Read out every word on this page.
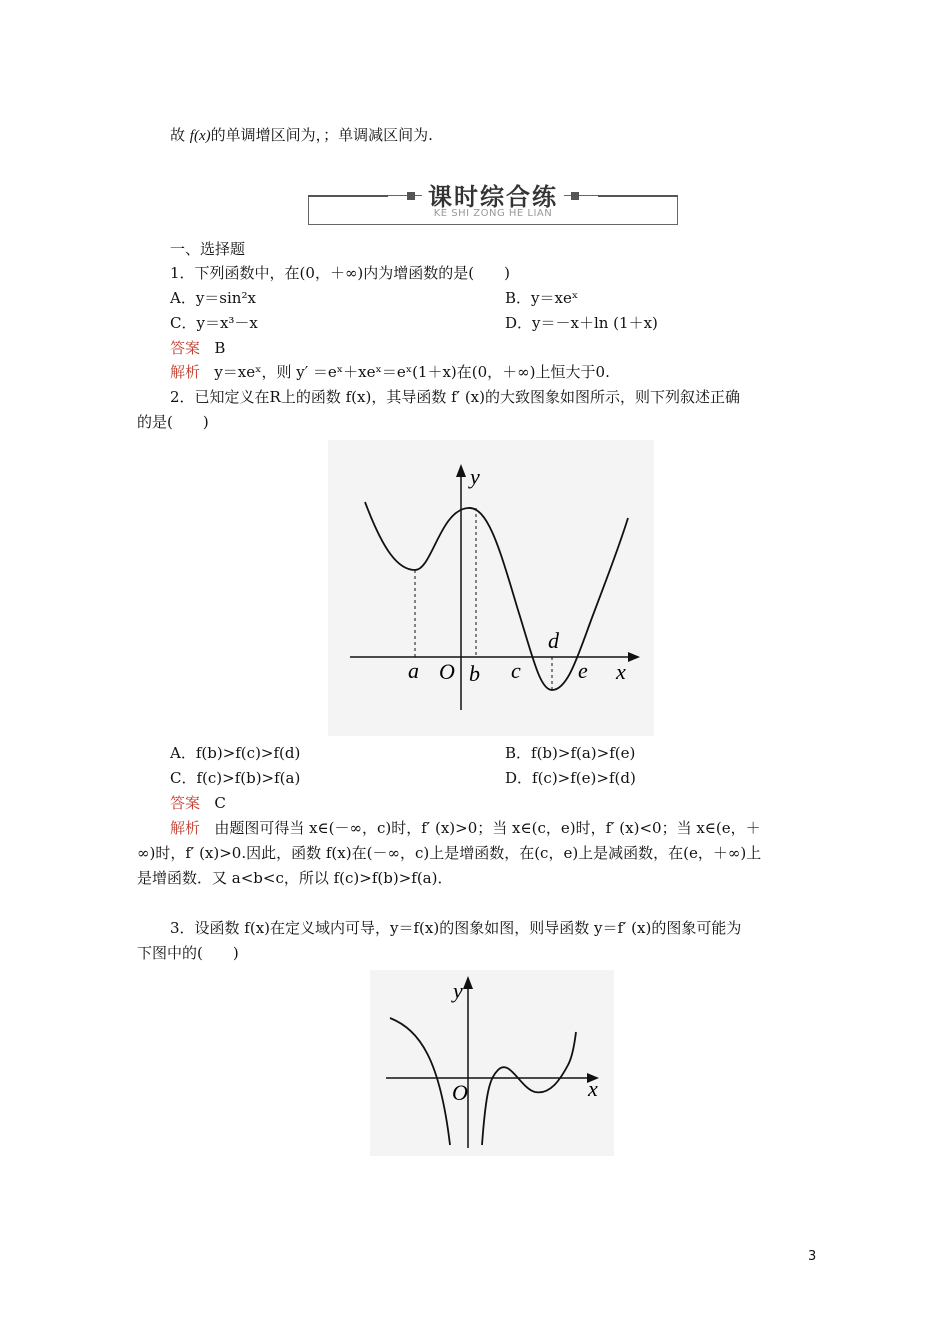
故 f(x)的单调增区间为，；单调减区间为.
课时综合练
KE SHI ZONG HE LIAN
一、选择题
1．下列函数中，在(0，＋∞)内为增函数的是(　　)
A．y＝sin²x	B．y＝xeˣ
C．y＝x³－x	D．y＝－x＋ln (1＋x)
答案 B
解析 y＝xeˣ，则 y′ ＝eˣ＋xeˣ＝eˣ(1＋x)在(0，＋∞)上恒大于0.
2．已知定义在R上的函数 f(x)，其导函数 f′ (x)的大致图象如图所示，则下列叙述正确
的是(　　)
y
x
O
a b c
d
e
A．f(b)>f(c)>f(d)	B．f(b)>f(a)>f(e)
C．f(c)>f(b)>f(a)	D．f(c)>f(e)>f(d)
答案 C
解析 由题图可得当 x∈(－∞，c)时，f′ (x)>0；当 x∈(c，e)时，f′ (x)<0；当 x∈(e，＋
∞)时，f′ (x)>0.因此，函数 f(x)在(－∞，c)上是增函数，在(c，e)上是减函数，在(e，＋∞)上
是增函数．又 a<b<c，所以 f(c)>f(b)>f(a)．
3．设函数 f(x)在定义域内可导，y＝f(x)的图象如图，则导函数 y＝f′ (x)的图象可能为
下图中的(　　)
y
x
O
3
